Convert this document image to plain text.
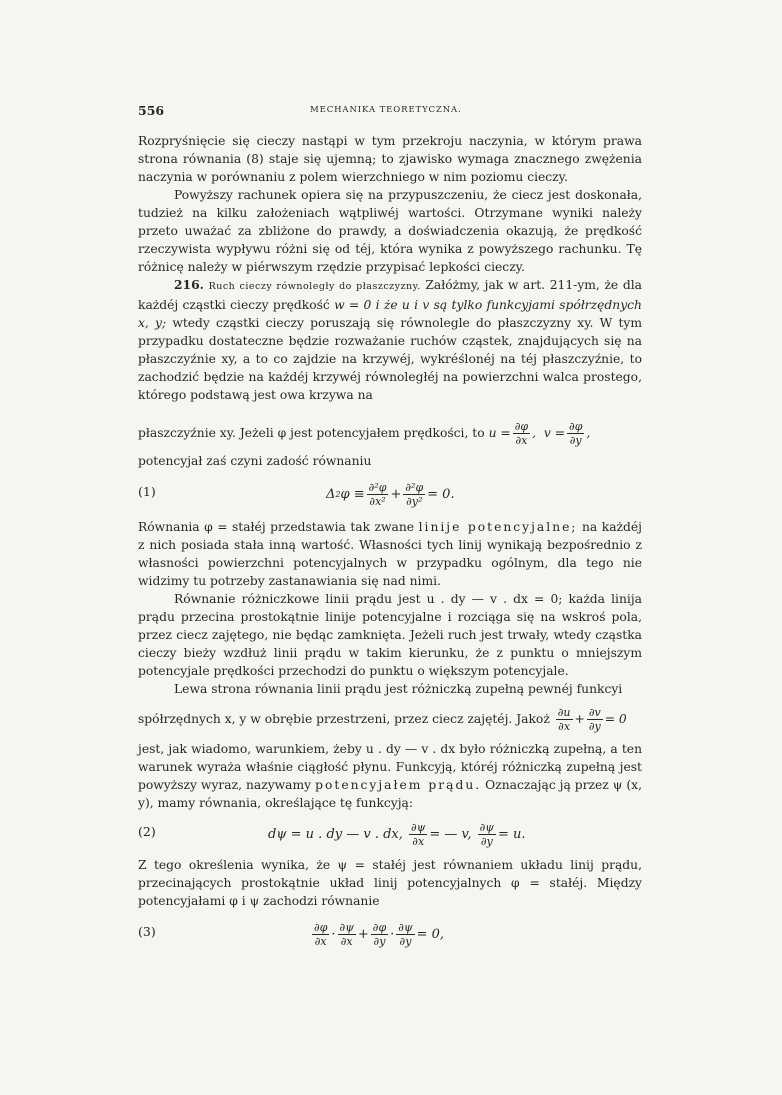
556	MECHANIKA TEORETYCZNA.

Rozpryśnięcie się cieczy nastąpi w tym przekroju naczynia, w którym prawa strona równania (8) staje się ujemną; to zjawisko wymaga znacznego zwężenia naczynia w porównaniu z polem wierzchniego w nim poziomu cieczy.

Powyższy rachunek opiera się na przypuszczeniu, że ciecz jest doskonała, tudzież na kilku założeniach wątpliwéj wartości. Otrzymane wyniki należy przeto uważać za zbliżone do prawdy, a doświadczenia okazują, że prędkość rzeczywista wypływu różni się od téj, która wynika z powyższego rachunku. Tę różnicę należy w piérwszym rzędzie przypisać lepkości cieczy.

216. Ruch cieczy równoległy do płaszczyzny. Załóżmy, jak w art. 211-ym, że dla każdéj cząstki cieczy prędkość w = 0 i że u i v są tylko funkcyjami spółrzędnych x, y; wtedy cząstki cieczy poruszają się równolegle do płaszczyzny xy. W tym przypadku dostateczne będzie rozważanie ruchów cząstek, znajdujących się na płaszczyźnie xy, a to co zajdzie na krzywéj, wykréślonéj na téj płaszczyźnie, to zachodzić będzie na każdéj krzywéj równoległéj na powierzchni walca prostego, którego podstawą jest owa krzywa na

płaszczyźnie xy. Jeżeli φ jest potencyjałem prędkości, to $u = \frac{\partial\varphi}{\partial x}$ ,  $v = \frac{\partial\varphi}{\partial y}$ ,

potencyjał zaś czyni zadość równaniu

(1)	Δ 2 $\varphi \equiv \frac{\text{∂²φ}}{\text{∂x²}} + \frac{\text{∂²φ}}{\text{∂y²}} = 0$.

Równania φ = stałéj przedstawia tak zwane linije potencyjalne; na każdéj z nich posiada stała inną wartość. Własności tych linij wynikają bezpośrednio z własności powierzchni potencyjalnych w przypadku ogólnym, dla tego nie widzimy tu potrzeby zastanawiania się nad nimi.

Równanie różniczkowe linii prądu jest u . dy — v . dx = 0; każda linija prądu przecina prostokątnie linije potencyjalne i rozciąga się na wskroś pola, przez ciecz zajętego, nie będąc zamknięta. Jeżeli ruch jest trwały, wtedy cząstka cieczy bieży wzdłuż linii prądu w takim kierunku, że z punktu o mniejszym potencyjale prędkości przechodzi do punktu o większym potencyjale.

Lewa strona równania linii prądu jest różniczką zupełną pewnéj funkcyi

spółrzędnych x, y w obrębie przestrzeni, przez ciecz zajętéj. Jakoż $\frac{\partial u}{\partial x} + \frac{\partial v}{\partial y} = 0$

jest, jak wiadomo, warunkiem, żeby u . dy — v . dx było różniczką zupełną, a ten warunek wyraża właśnie ciągłość płynu. Funkcyją, któréj różniczką zupełną jest powyższy wyraz, nazywamy potencyjałem prądu. Oznaczając ją przez ψ (x, y), mamy równania, określające tę funkcyją:

(2)	dψ = u . dy — v . dx, $\frac{\partial\psi}{\partial x}$ = — v, $\frac{\partial\psi}{\partial y} = u$.

Z tego określenia wynika, że ψ = stałéj jest równaniem układu linij prądu, przecinających prostokątnie układ linij potencyjalnych φ = stałéj. Między potencyjałami φ i ψ zachodzi równanie

(3)	$\frac{\partial\varphi}{\partial x} \cdot \frac{\partial\psi}{\partial x} + \frac{\partial\varphi}{\partial y} \cdot \frac{\partial\psi}{\partial y} = 0$,
